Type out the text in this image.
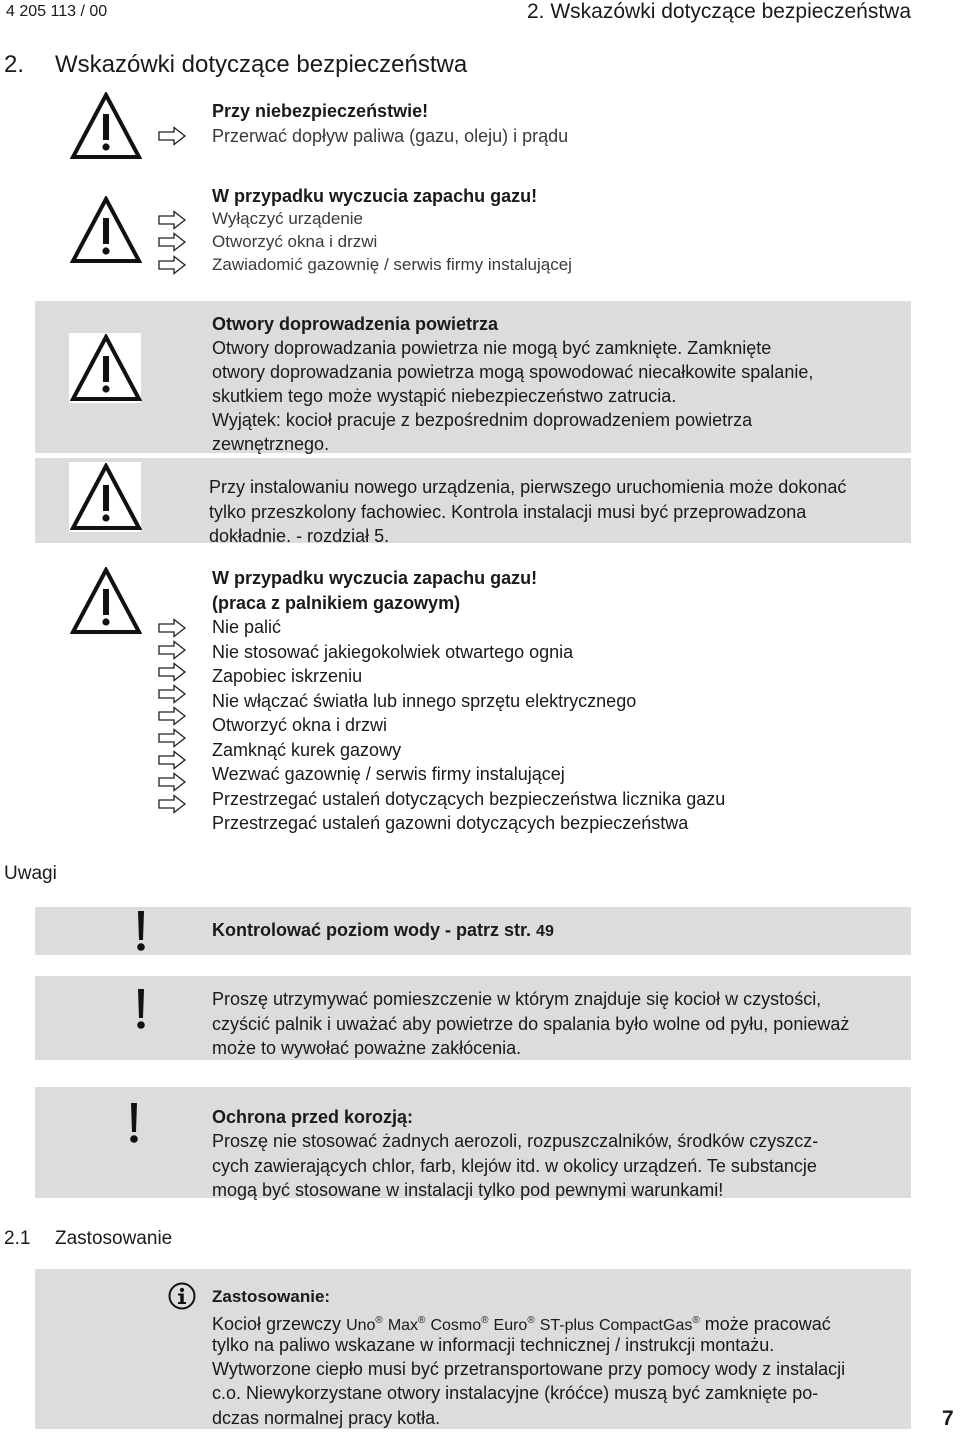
4 205 113 / 00	2. Wskazówki dotyczące bezpieczeństwa
2. Wskazówki dotyczące bezpieczeństwa
Przy niebezpieczeństwie!
Przerwać dopływ paliwa (gazu, oleju) i prądu
W przypadku wyczucia zapachu gazu!
Wyłączyć urządenie
Otworzyć okna i drzwi
Zawiadomić gazownię / serwis firmy instalującej
Otwory doprowadzenia powietrza
Otwory doprowadzania powietrza nie mogą być zamknięte. Zamknięte
otwory doprowadzania powietrza mogą spowodować niecałkowite spalanie,
skutkiem tego może wystąpić niebezpieczeństwo zatrucia.
Wyjątek: kocioł pracuje z bezpośrednim doprowadzeniem powietrza
zewnętrznego.
Przy instalowaniu nowego urządzenia, pierwszego uruchomienia może dokonać
tylko przeszkolony fachowiec. Kontrola instalacji musi być przeprowadzona
dokładnie. - rozdział 5.
W przypadku wyczucia zapachu gazu!
(praca z palnikiem gazowym)
Nie palić
Nie stosować jakiegokolwiek otwartego ognia
Zapobiec iskrzeniu
Nie włączać światła lub innego sprzętu elektrycznego
Otworzyć okna i drzwi
Zamknąć kurek gazowy
Wezwać gazownię / serwis firmy instalującej
Przestrzegać ustaleń dotyczących bezpieczeństwa licznika gazu
Przestrzegać ustaleń gazowni dotyczących bezpieczeństwa
Uwagi
Kontrolować poziom wody - patrz str. 49
Proszę utrzymywać pomieszczenie w którym znajduje się kocioł w czystości,
czyścić palnik i uważać aby powietrze do spalania było wolne od pyłu, ponieważ
może to wywołać poważne zakłócenia.
Ochrona przed korozją:
Proszę nie stosować żadnych aerozoli, rozpuszczalników, środków czyszcz-
cych zawierających chlor, farb, klejów itd. w okolicy urządzeń. Te substancje
mogą być stosowane w instalacji tylko pod pewnymi warunkami!
2.1 Zastosowanie
Zastosowanie:
Kocioł grzewczy Uno® Max® Cosmo® Euro® ST-plus CompactGas® może pracować
tylko na paliwo wskazane w informacji technicznej / instrukcji montażu.
Wytworzone ciepło musi być przetransportowane przy pomocy wody z instalacji
c.o. Niewykorzystane otwory instalacyjne (króćce) muszą być zamknięte po-
dczas normalnej pracy kotła.	7
